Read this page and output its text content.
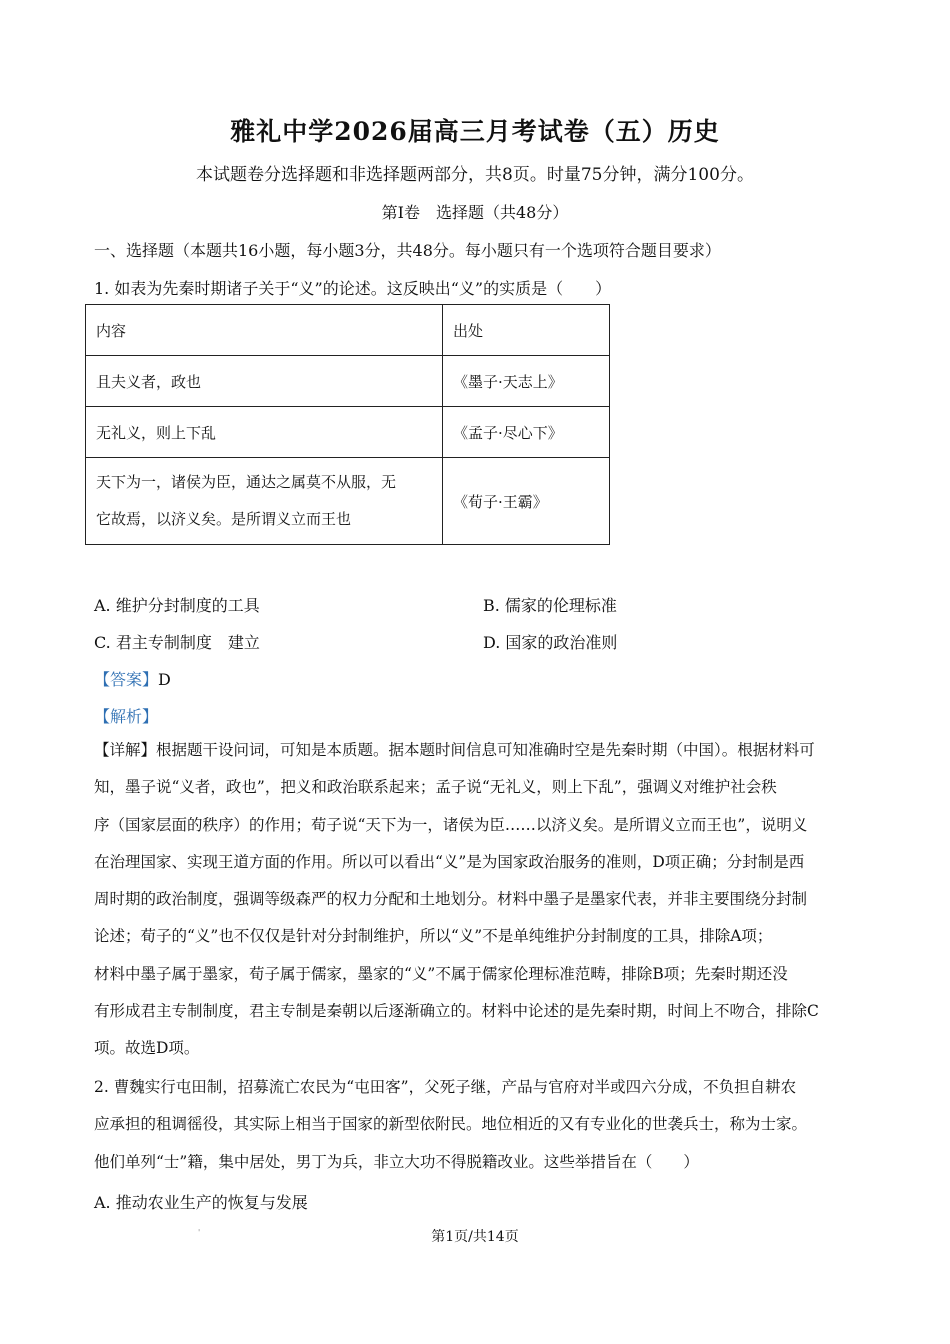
雅礼中学2026届高三月考试卷（五）历史
本试题卷分选择题和非选择题两部分，共8页。时量75分钟，满分100分。
第Ⅰ卷　选择题（共48分）
一、选择题（本题共16小题，每小题3分，共48分。每小题只有一个选项符合题目要求）
1. 如表为先秦时期诸子关于“义”的论述。这反映出“义”的实质是（　　）
内容	出处
且夫义者，政也	《墨子·天志上》
无礼义，则上下乱	《孟子·尽心下》

天下为一，诸侯为臣，通达之属莫不从服，无
它故焉，以济义矣。是所谓义立而王也	《荀子·王霸》
A. 维护分封制度的工具	B. 儒家的伦理标准
C. 君主专制制度　建立	D. 国家的政治准则
【答案】D
【解析】
【详解】根据题干设问词，可知是本质题。据本题时间信息可知准确时空是先秦时期（中国）。根据材料可
知，墨子说“义者，政也”，把义和政治联系起来；孟子说“无礼义，则上下乱”，强调义对维护社会秩
序（国家层面的秩序）的作用；荀子说“天下为一，诸侯为臣……以济义矣。是所谓义立而王也”，说明义
在治理国家、实现王道方面的作用。所以可以看出“义”是为国家政治服务的准则，D项正确；分封制是西
周时期的政治制度，强调等级森严的权力分配和土地划分。材料中墨子是墨家代表，并非主要围绕分封制
论述；荀子的“义”也不仅仅是针对分封制维护，所以“义”不是单纯维护分封制度的工具，排除A项；
材料中墨子属于墨家，荀子属于儒家，墨家的“义”不属于儒家伦理标准范畴，排除B项；先秦时期还没
有形成君主专制制度，君主专制是秦朝以后逐渐确立的。材料中论述的是先秦时期，时间上不吻合，排除C
项。故选D项。
2. 曹魏实行屯田制，招募流亡农民为“屯田客”，父死子继，产品与官府对半或四六分成，不负担自耕农
应承担的租调徭役，其实际上相当于国家的新型依附民。地位相近的又有专业化的世袭兵士，称为士家。
他们单列“士”籍，集中居处，男丁为兵，非立大功不得脱籍改业。这些举措旨在（　　）
A. 推动农业生产的恢复与发展
'	第1页/共14页
